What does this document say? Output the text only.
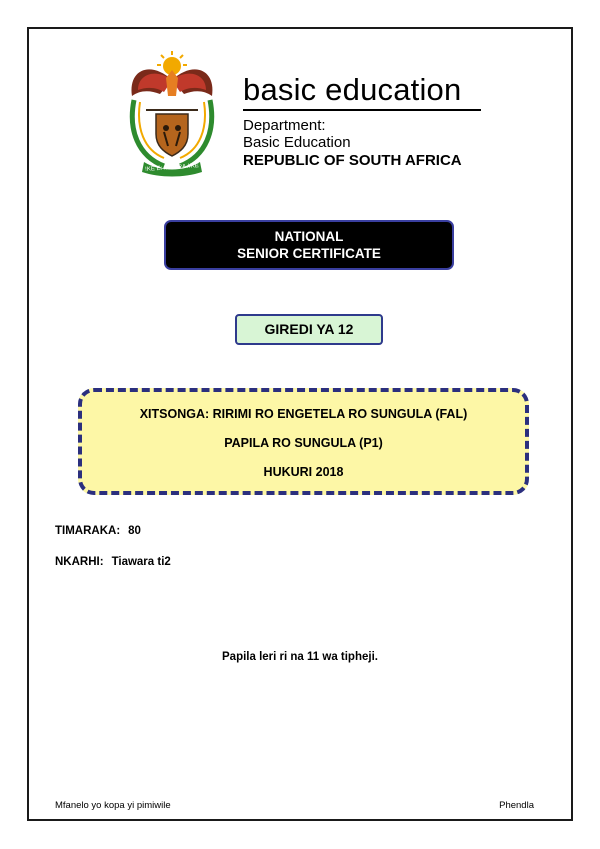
!KE E: /XARRA //KE
basic education
Department:
Basic Education
REPUBLIC OF SOUTH AFRICA
NATIONAL
SENIOR CERTIFICATE
GIREDI YA 12
XITSONGA: RIRIMI RO ENGETELA RO SUNGULA (FAL)
PAPILA RO SUNGULA (P1)
HUKURI 2018
TIMARAKA: 80
NKARHI: Tiawara ti2
Papila leri ri na 11 wa tipheji.
Mfanelo yo kopa yi pimiwile	Phendla
